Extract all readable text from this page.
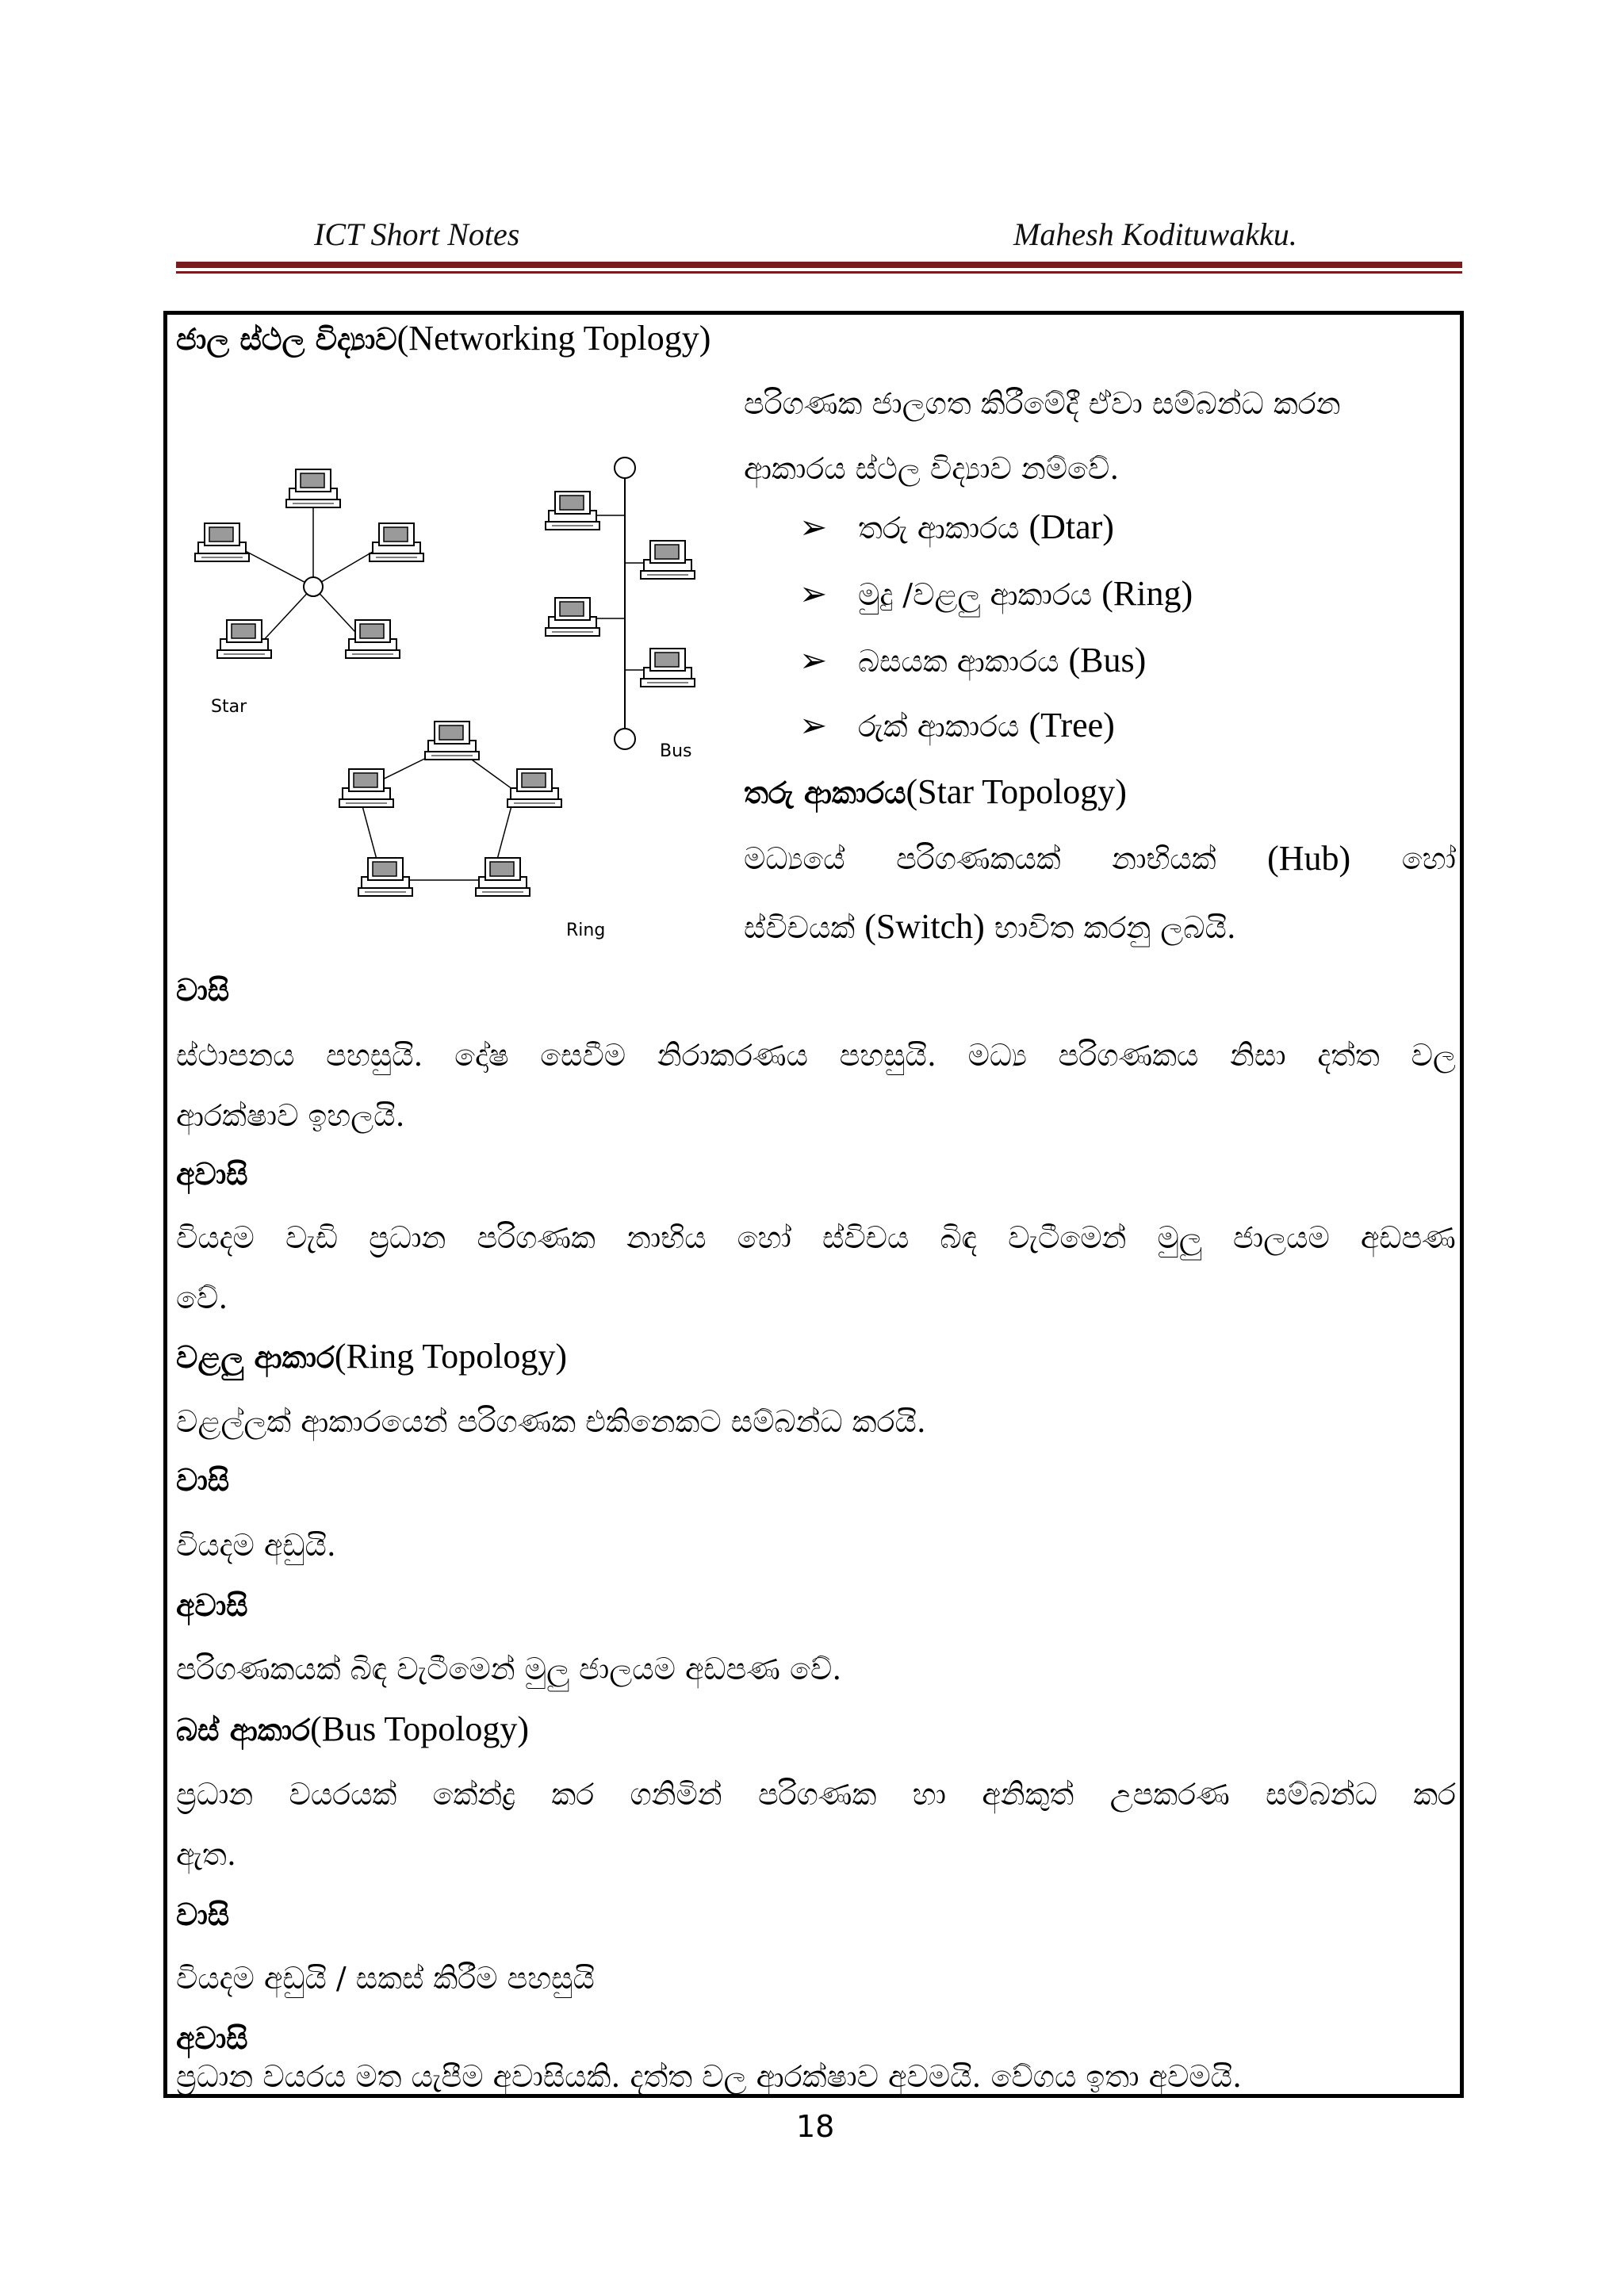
ICT Short Notes	Mahesh Kodituwakku.
ජාල ස්ථල විද්‍යාව(Networking Toplogy)
පරිගණක ජාලගත කිරීමේදී ඒවා සම්බන්ධ කරන
ආකාරය ස්ථල විද්‍යාව නම්වේ.
➢ තරු ආකාරය (Dtar)
➢ මුදු /වළලු ආකාරය (Ring)
➢ බසයක ආකාරය (Bus)
➢ රුක් ආකාරය (Tree)
තරු ආකාරය(Star Topology)
මධ්‍යයේ පරිගණකයක් නාභියක් (Hub) හෝ
ස්විචයක් (Switch) භාවිත කරනු ලබයි.
Star
Bus
Ring
වාසි
ස්ථාපනය පහසුයි. දෝෂ සෙවීම නිරාකරණය පහසුයි. මධ්‍ය පරිගණකය නිසා දත්ත වල
ආරක්ෂාව ඉහලයි.
අවාසි
වියදම වැඩි ප්‍රධාන පරිගණක නාභිය හෝ ස්විචය බිඳ වැටීමෙන් මුලු ජාලයම අඩපණ
වේ.
වළලු ආකාර(Ring Topology)
වළල්ලක් ආකාරයෙන් පරිගණක එකිනෙකට සම්බන්ධ කරයි.
වාසි
වියදම අඩුයි.
අවාසි
පරිගණකයක් බිඳ වැටීමෙන් මුලු ජාලයම අඩපණ වේ.
බස් ආකාර(Bus Topology)
ප්‍රධාන වයරයක් කේන්ද්‍ර කර ගනිමින් පරිගණක හා අනිකුත් උපකරණ සම්බන්ධ කර
ඇත.
වාසි
වියදම අඩුයි / සකස් කිරීම පහසුයි
අවාසි
ප්‍රධාන වයරය මත යැපීම අවාසියකි. දත්ත වල ආරක්ෂාව අවමයි. වේගය ඉතා අවමයි.
18
